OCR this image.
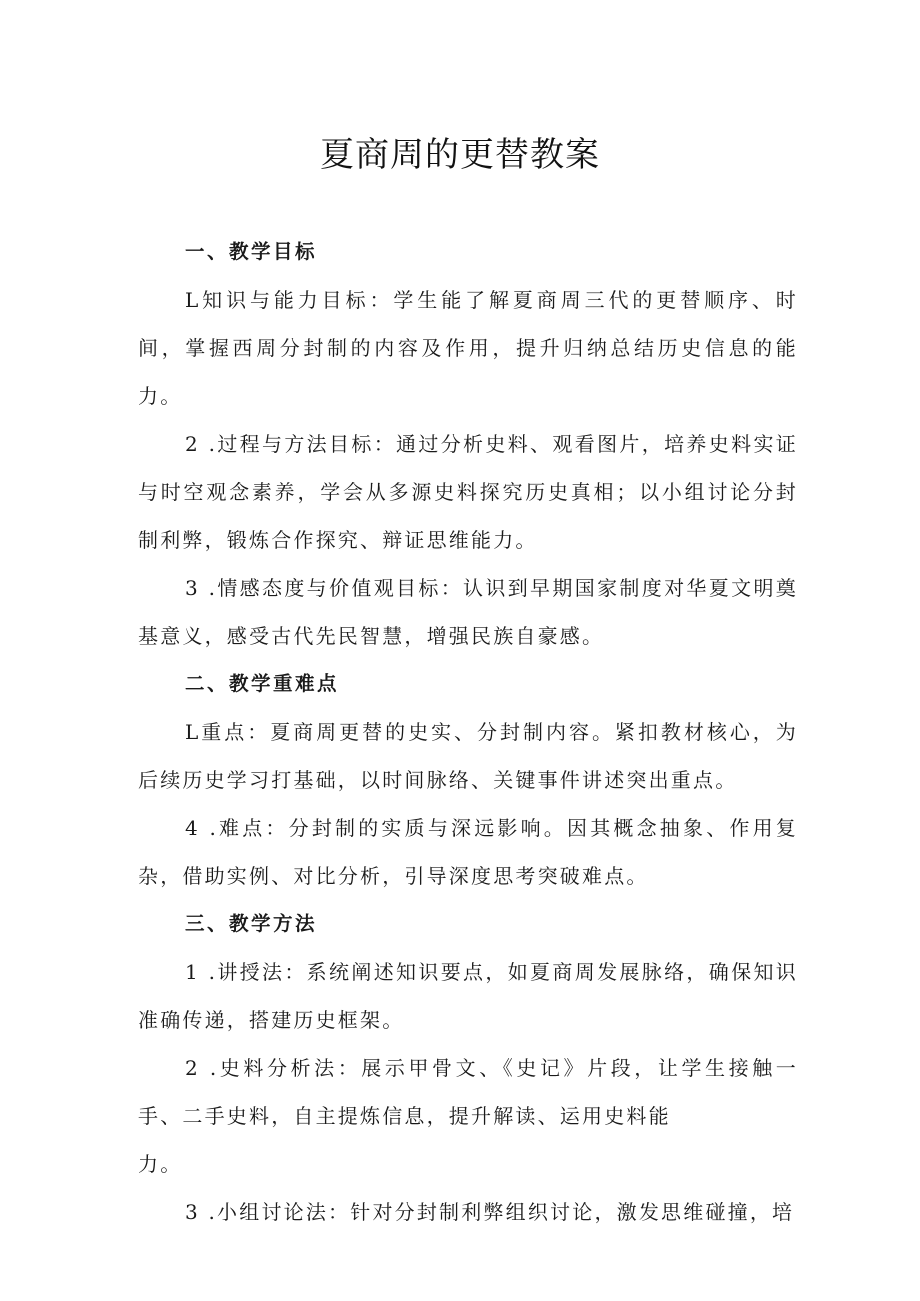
夏商周的更替教案

一、教学目标

L知识与能力目标：学生能了解夏商周三代的更替顺序、时间，掌握西周分封制的内容及作用，提升归纳总结历史信息的能力。

2 .过程与方法目标：通过分析史料、观看图片，培养史料实证与时空观念素养，学会从多源史料探究历史真相；以小组讨论分封制利弊，锻炼合作探究、辩证思维能力。

3 .情感态度与价值观目标：认识到早期国家制度对华夏文明奠基意义，感受古代先民智慧，增强民族自豪感。

二、教学重难点

L重点：夏商周更替的史实、分封制内容。紧扣教材核心，为后续历史学习打基础，以时间脉络、关键事件讲述突出重点。

4 .难点：分封制的实质与深远影响。因其概念抽象、作用复杂，借助实例、对比分析，引导深度思考突破难点。

三、教学方法

1 .讲授法：系统阐述知识要点，如夏商周发展脉络，确保知识准确传递，搭建历史框架。

2 .史料分析法：展示甲骨文、《史记》片段，让学生接触一手、二手史料，自主提炼信息，提升解读、运用史料能

力。

3 .小组讨论法：针对分封制利弊组织讨论，激发思维碰撞，培
